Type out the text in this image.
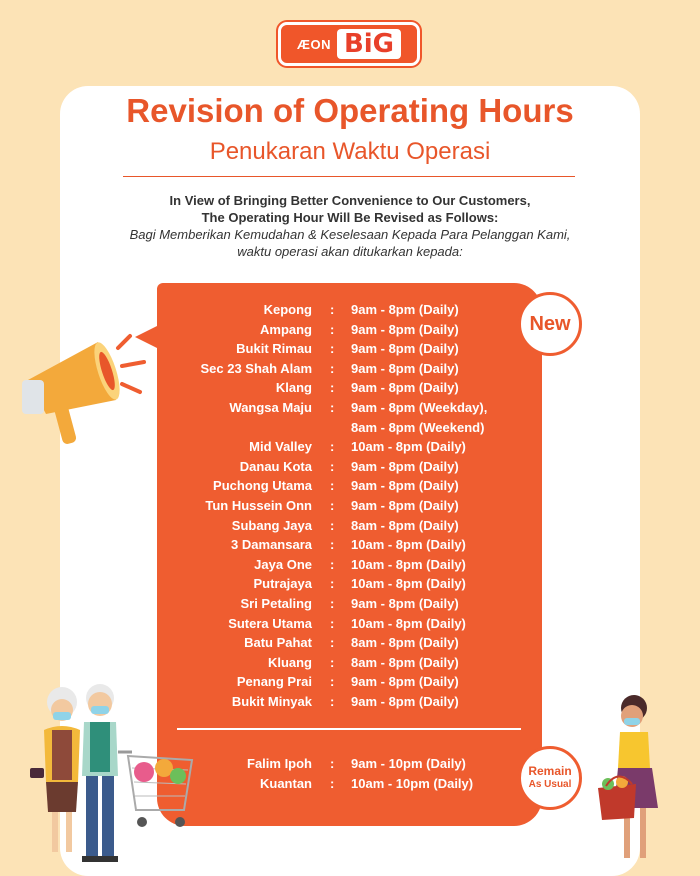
ÆON BiG
Revision of Operating Hours
Penukaran Waktu Operasi
In View of Bringing Better Convenience to Our Customers,
The Operating Hour Will Be Revised as Follows:
Bagi Memberikan Kemudahan & Keselesaan Kepada Para Pelanggan Kami,
waktu operasi akan ditukarkan kepada:
New
Kepong : 9am - 8pm (Daily)
Ampang : 9am - 8pm (Daily)
Bukit Rimau : 9am - 8pm (Daily)
Sec 23 Shah Alam : 9am - 8pm (Daily)
Klang : 9am - 8pm (Daily)
Wangsa Maju : 9am - 8pm (Weekday),
8am - 8pm (Weekend)
Mid Valley : 10am - 8pm (Daily)
Danau Kota : 9am - 8pm (Daily)
Puchong Utama : 9am - 8pm (Daily)
Tun Hussein Onn : 9am - 8pm (Daily)
Subang Jaya : 8am - 8pm (Daily)
3 Damansara : 10am - 8pm (Daily)
Jaya One : 10am - 8pm (Daily)
Putrajaya : 10am - 8pm (Daily)
Sri Petaling : 9am - 8pm (Daily)
Sutera Utama : 10am - 8pm (Daily)
Batu Pahat : 8am - 8pm (Daily)
Kluang : 8am - 8pm (Daily)
Penang Prai : 9am - 8pm (Daily)
Bukit Minyak : 9am - 8pm (Daily)
Falim Ipoh : 9am - 10pm (Daily)
Kuantan : 10am - 10pm (Daily)
Remain
As Usual
